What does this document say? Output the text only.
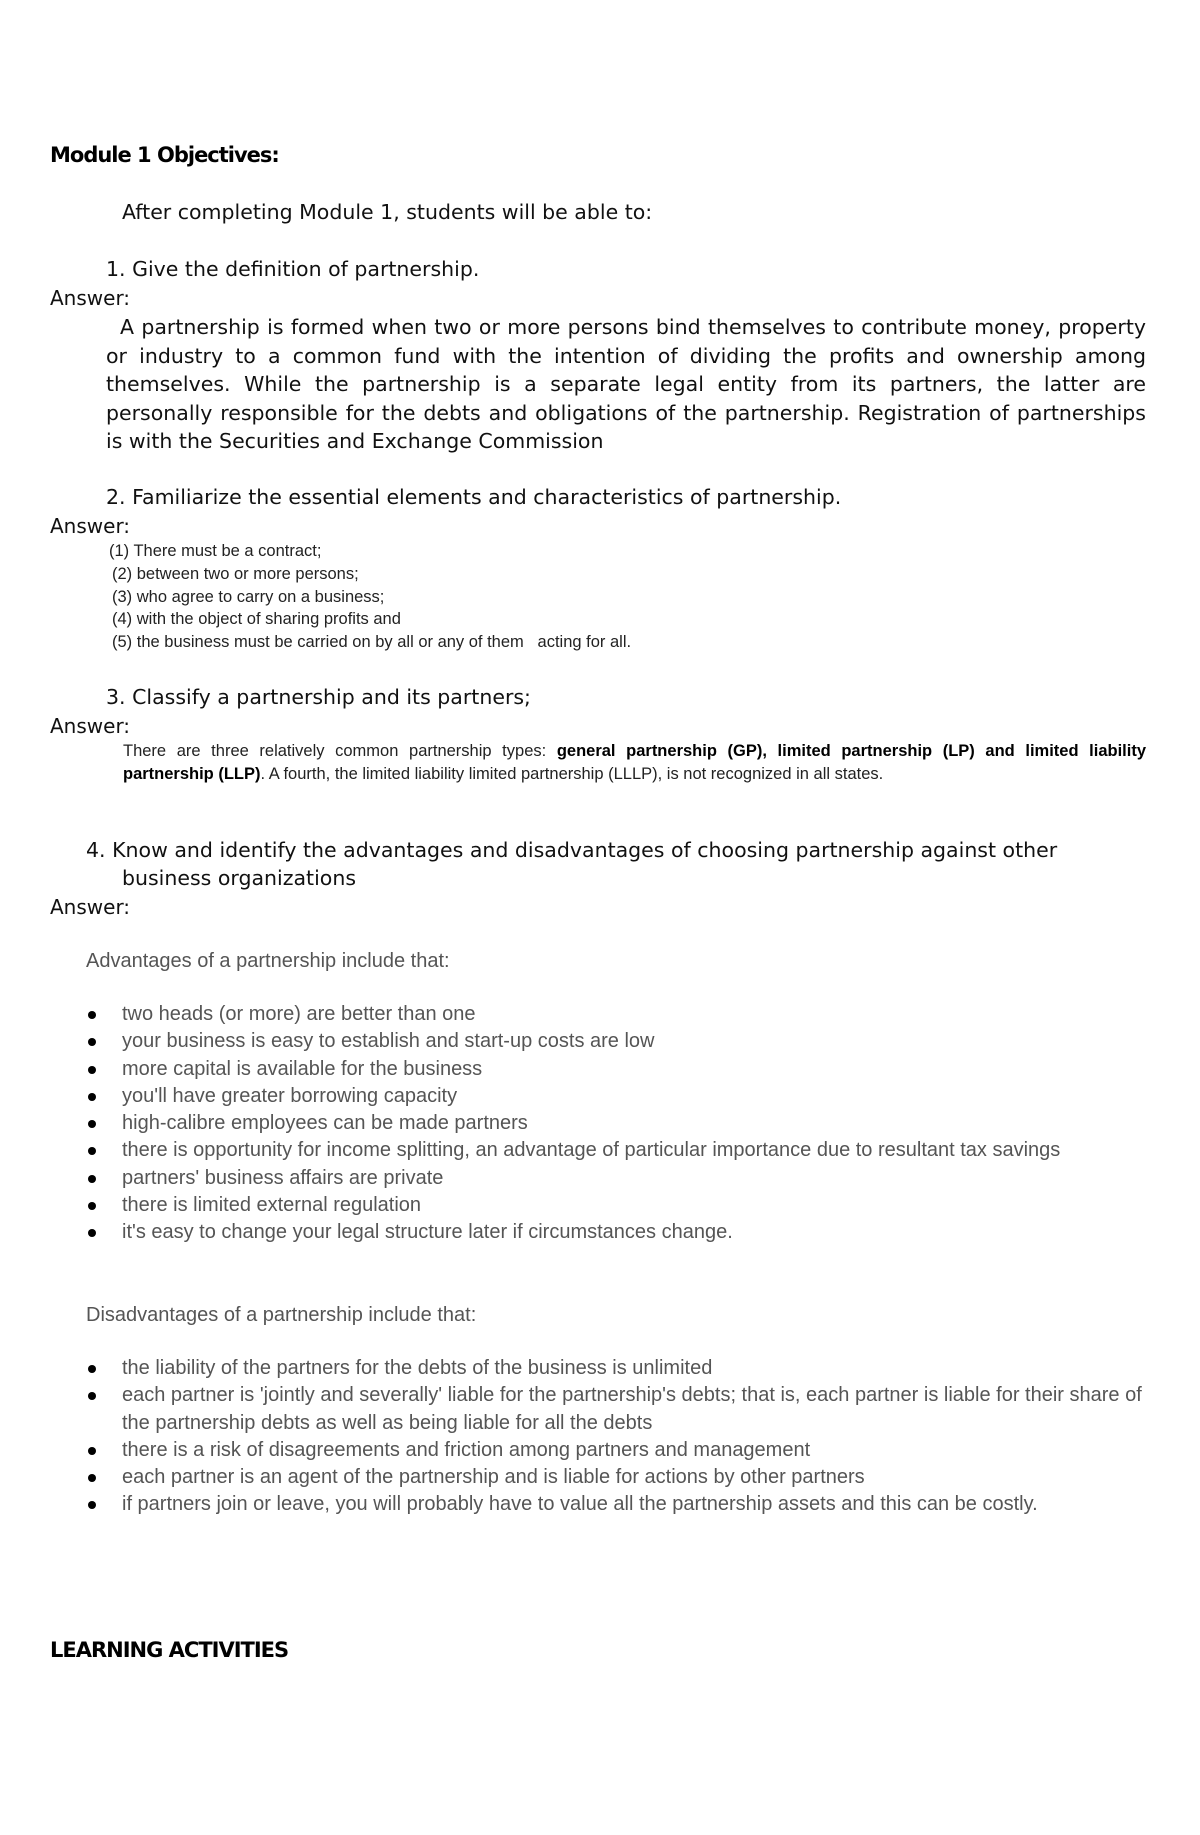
Module 1 Objectives:
After completing Module 1, students will be able to:
1. Give the definition of partnership.
Answer:
A partnership is formed when two or more persons bind themselves to contribute money, property or industry to a common fund with the intention of dividing the profits and ownership among themselves. While the partnership is a separate legal entity from its partners, the latter are personally responsible for the debts and obligations of the partnership. Registration of partnerships is with the Securities and Exchange Commission
2. Familiarize the essential elements and characteristics of partnership.
Answer:
(1) There must be a contract;
(2) between two or more persons;
(3) who agree to carry on a business;
(4) with the object of sharing profits and
(5) the business must be carried on by all or any of them   acting for all.
3. Classify a partnership and its partners;
Answer:
There are three relatively common partnership types: general partnership (GP), limited partnership (LP) and limited liability partnership (LLP). A fourth, the limited liability limited partnership (LLLP), is not recognized in all states.
4. Know and identify the advantages and disadvantages of choosing partnership against other
business organizations
Answer:
Advantages of a partnership include that:
two heads (or more) are better than one
your business is easy to establish and start-up costs are low
more capital is available for the business
you'll have greater borrowing capacity
high-calibre employees can be made partners
there is opportunity for income splitting, an advantage of particular importance due to resultant tax savings
partners' business affairs are private
there is limited external regulation
it's easy to change your legal structure later if circumstances change.
Disadvantages of a partnership include that:
the liability of the partners for the debts of the business is unlimited
each partner is 'jointly and severally' liable for the partnership's debts; that is, each partner is liable for their share of the partnership debts as well as being liable for all the debts
there is a risk of disagreements and friction among partners and management
each partner is an agent of the partnership and is liable for actions by other partners
if partners join or leave, you will probably have to value all the partnership assets and this can be costly.
LEARNING ACTIVITIES
